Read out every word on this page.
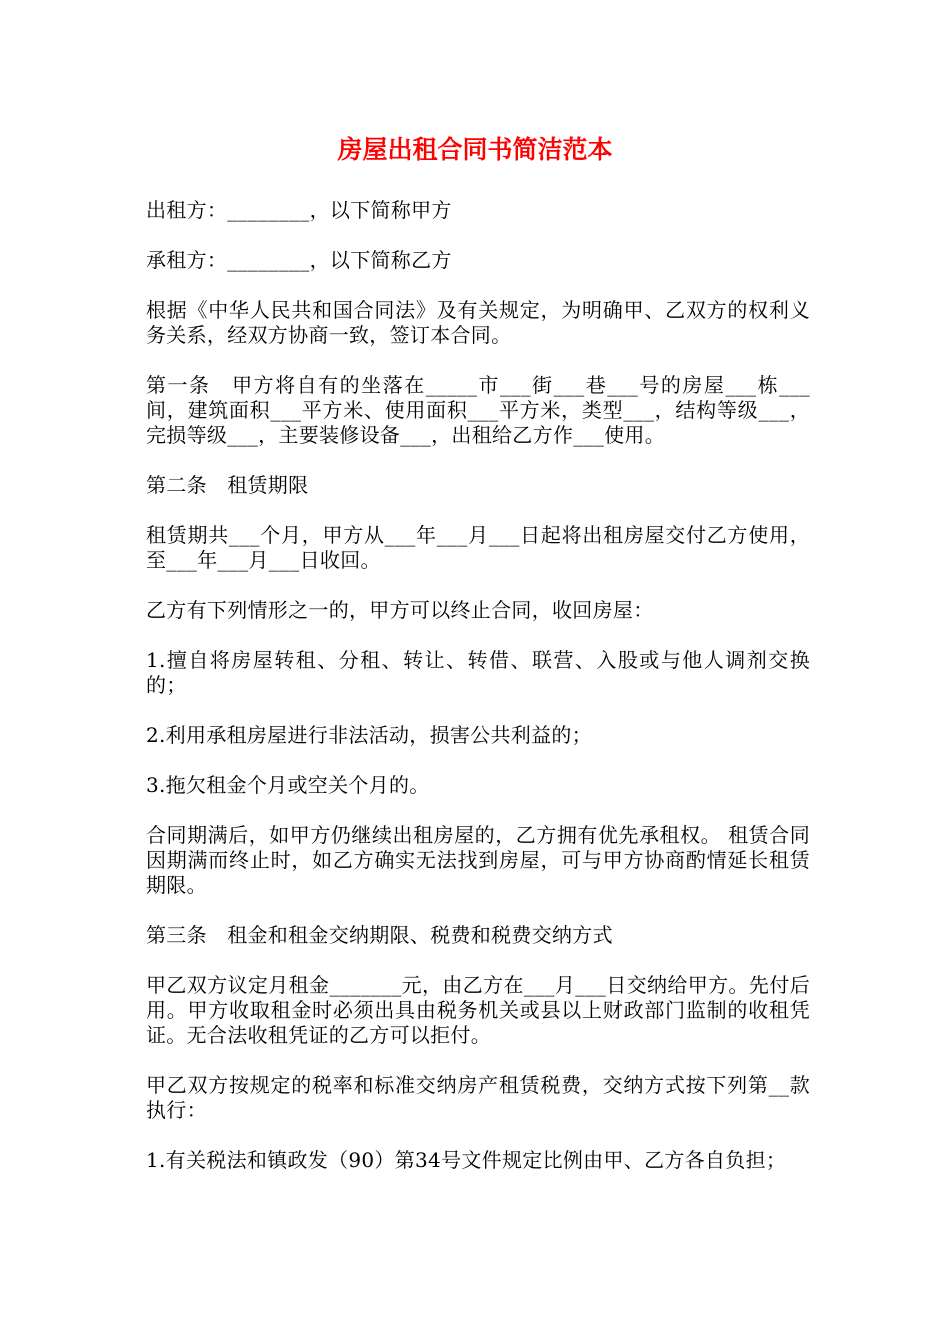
房屋出租合同书简洁范本

出租方：________，以下简称甲方

承租方：________，以下简称乙方

根据《中华人民共和国合同法》及有关规定，为明确甲、乙双方的权利义务关系，经双方协商一致，签订本合同。

第一条　甲方将自有的坐落在_____市___街___巷___号的房屋___栋___间，建筑面积___平方米、使用面积___平方米，类型___，结构等级___，完损等级___，主要装修设备___，出租给乙方作___使用。

第二条　租赁期限

租赁期共___个月，甲方从___年___月___日起将出租房屋交付乙方使用，至___年___月___日收回。

乙方有下列情形之一的，甲方可以终止合同，收回房屋：

1.擅自将房屋转租、分租、转让、转借、联营、入股或与他人调剂交换的；

2.利用承租房屋进行非法活动，损害公共利益的；

3.拖欠租金个月或空关个月的。

合同期满后，如甲方仍继续出租房屋的，乙方拥有优先承租权。 租赁合同因期满而终止时，如乙方确实无法找到房屋，可与甲方协商酌情延长租赁期限。

第三条　租金和租金交纳期限、税费和税费交纳方式

甲乙双方议定月租金_______元，由乙方在___月___日交纳给甲方。先付后用。甲方收取租金时必须出具由税务机关或县以上财政部门监制的收租凭证。无合法收租凭证的乙方可以拒付。

甲乙双方按规定的税率和标准交纳房产租赁税费，交纳方式按下列第__款执行：

1.有关税法和镇政发（90）第34号文件规定比例由甲、乙方各自负担；
